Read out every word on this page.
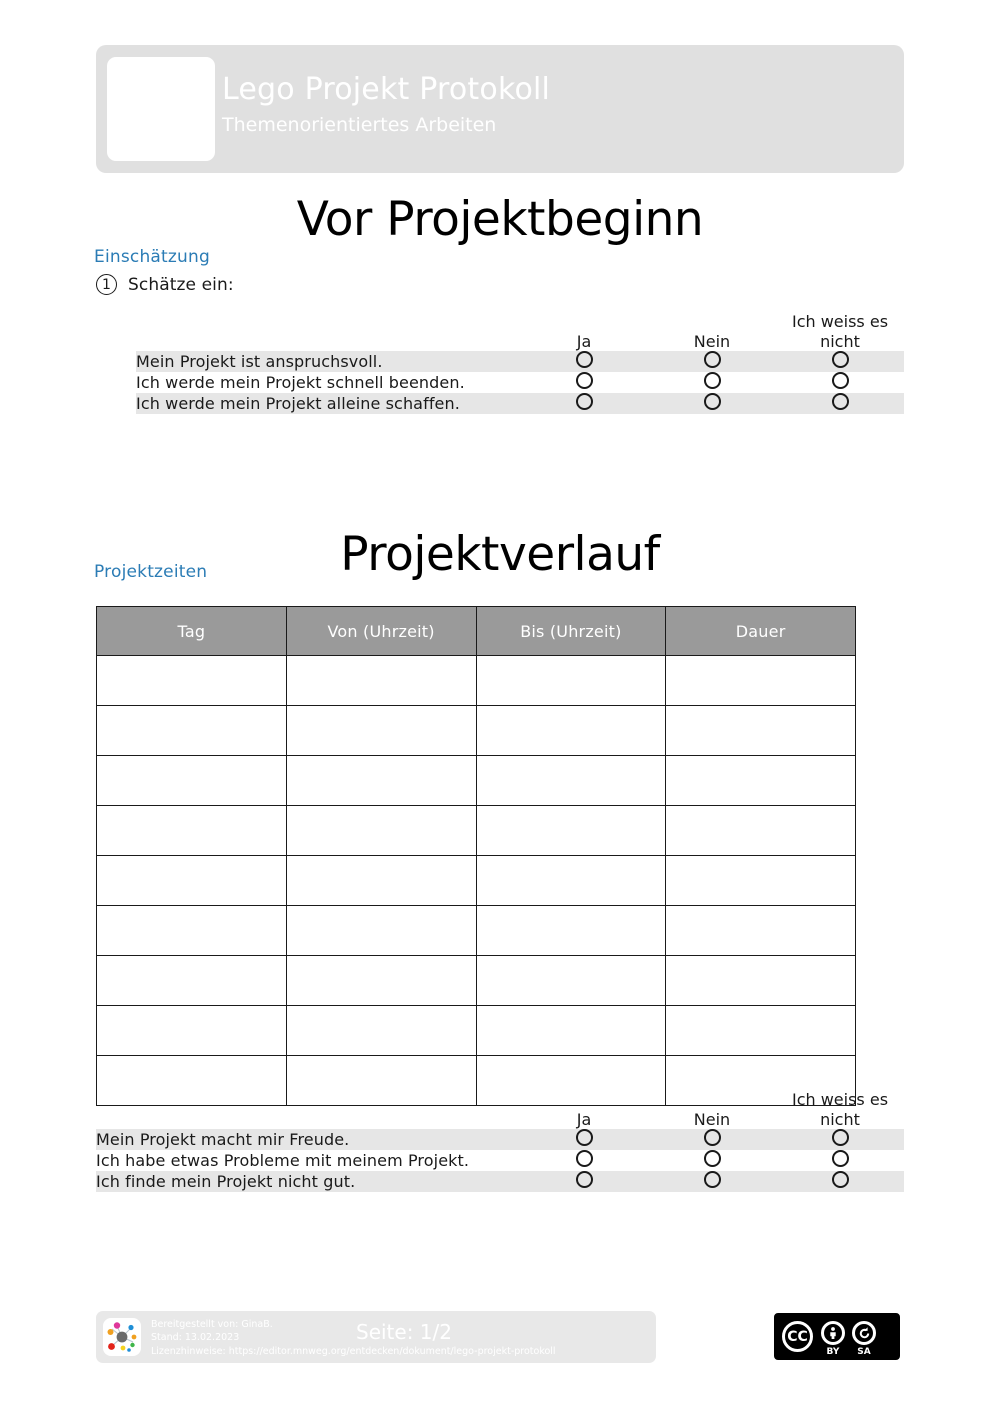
Lego Projekt Protokoll
Themenorientiertes Arbeiten
Vor Projektbeginn
Einschätzung
1	Schätze ein:
	Ja	Nein	Ich weiss es nicht
Mein Projekt ist anspruchsvoll.			
Ich werde mein Projekt schnell beenden.			
Ich werde mein Projekt alleine schaffen.			
Projektverlauf
Projektzeiten
Tag	Von (Uhrzeit)	Bis (Uhrzeit)	Dauer

	Ja	Nein	Ich weiss es nicht
Mein Projekt macht mir Freude.			
Ich habe etwas Probleme mit meinem Projekt.			
Ich finde mein Projekt nicht gut.			
Bereitgestellt von: GinaB.
Stand: 13.02.2023
Lizenzhinweise: https://editor.mnweg.org/entdecken/dokument/lego-projekt-protokoll
Seite: 1/2	CC
BY	SA
